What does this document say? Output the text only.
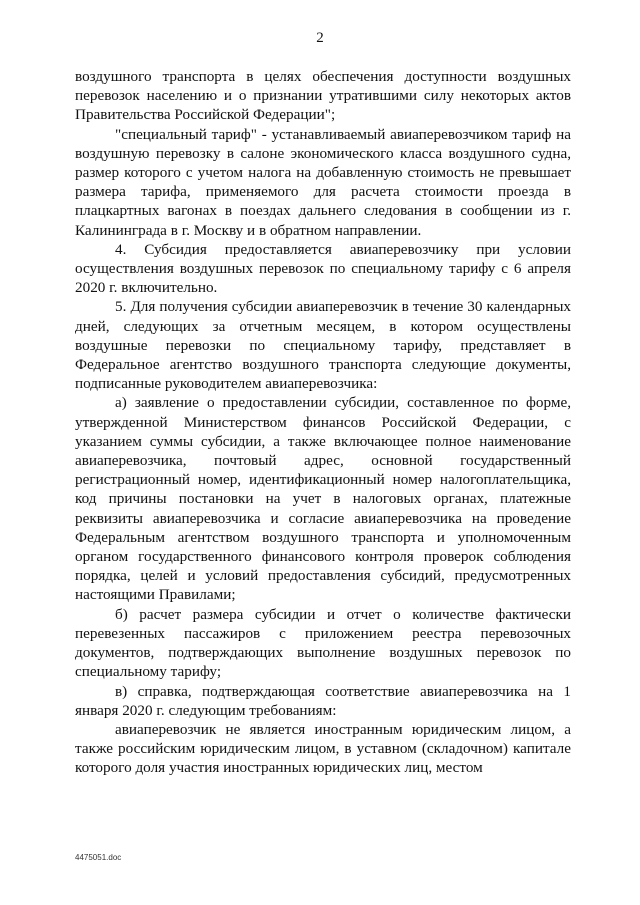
2

воздушного транспорта в целях обеспечения доступности воздушных перевозок населению и о признании утратившими силу некоторых актов Правительства Российской Федерации";

"специальный тариф" - устанавливаемый авиаперевозчиком тариф на воздушную перевозку в салоне экономического класса воздушного судна, размер которого с учетом налога на добавленную стоимость не превышает размера тарифа, применяемого для расчета стоимости проезда в плацкартных вагонах в поездах дальнего следования в сообщении из г. Калининграда в г. Москву и в обратном направлении.

4. Субсидия предоставляется авиаперевозчику при условии осуществления воздушных перевозок по специальному тарифу с 6 апреля 2020 г. включительно.

5. Для получения субсидии авиаперевозчик в течение 30 календарных дней, следующих за отчетным месяцем, в котором осуществлены воздушные перевозки по специальному тарифу, представляет в Федеральное агентство воздушного транспорта следующие документы, подписанные руководителем авиаперевозчика:

а) заявление о предоставлении субсидии, составленное по форме, утвержденной Министерством финансов Российской Федерации, с указанием суммы субсидии, а также включающее полное наименование авиаперевозчика, почтовый адрес, основной государственный регистрационный номер, идентификационный номер налогоплательщика, код причины постановки на учет в налоговых органах, платежные реквизиты авиаперевозчика и согласие авиаперевозчика на проведение Федеральным агентством воздушного транспорта и уполномоченным органом государственного финансового контроля проверок соблюдения порядка, целей и условий предоставления субсидий, предусмотренных настоящими Правилами;

б) расчет размера субсидии и отчет о количестве фактически перевезенных пассажиров с приложением реестра перевозочных документов, подтверждающих выполнение воздушных перевозок по специальному тарифу;

в) справка, подтверждающая соответствие авиаперевозчика на 1 января 2020 г. следующим требованиям:

авиаперевозчик не является иностранным юридическим лицом, а также российским юридическим лицом, в уставном (складочном) капитале которого доля участия иностранных юридических лиц, местом

4475051.doc
